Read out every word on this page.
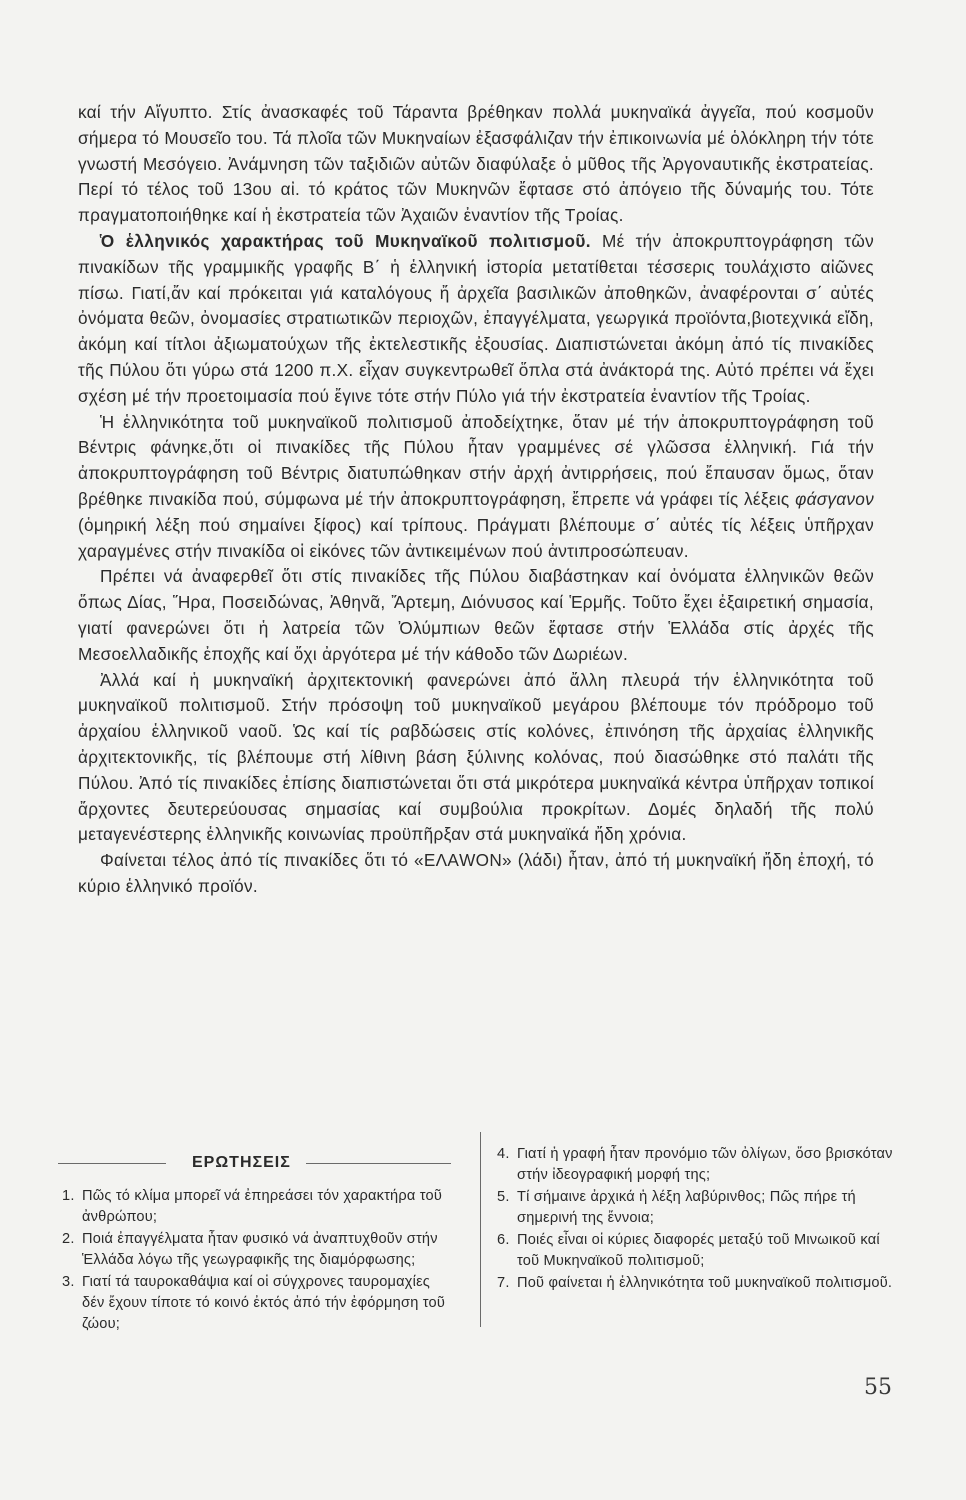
καί τήν Αἴγυπτο. Στίς ἀνασκαφές τοῦ Τάραντα βρέθηκαν πολλά μυκηναϊκά ἀγγεῖα, πού κοσμοῦν σήμερα τό Μουσεῖο του. Τά πλοῖα τῶν Μυκηναίων ἐξασφάλιζαν τήν ἐπικοινωνία μέ ὁλόκληρη τήν τότε γνωστή Μεσόγειο. Ἀνάμνηση τῶν ταξιδιῶν αὐτῶν διαφύλαξε ὁ μῦθος τῆς Ἀργοναυτικῆς ἐκστρατείας. Περί τό τέλος τοῦ 13ου αἰ. τό κράτος τῶν Μυκηνῶν ἔφτασε στό ἀπόγειο τῆς δύναμής του. Τότε πραγματοποιήθηκε καί ἡ ἐκστρατεία τῶν Ἀχαιῶν ἐναντίον τῆς Τροίας.

Ὁ ἑλληνικός χαρακτήρας τοῦ Μυκηναϊκοῦ πολιτισμοῦ. Μέ τήν ἀποκρυπτογράφηση τῶν πινακίδων τῆς γραμμικῆς γραφῆς Β΄ ἡ ἑλληνική ἱστορία μετατίθεται τέσσερις τουλάχιστο αἰῶνες πίσω. Γιατί,ἄν καί πρόκειται γιά καταλόγους ἤ ἀρχεῖα βασιλικῶν ἀποθηκῶν, ἀναφέρονται σ΄ αὐτές ὀνόματα θεῶν, ὀνομασίες στρατιωτικῶν περιοχῶν, ἐπαγγέλματα, γεωργικά προϊόντα,βιοτεχνικά εἴδη, ἀκόμη καί τίτλοι ἀξιωματούχων τῆς ἐκτελεστικῆς ἐξουσίας. Διαπιστώνεται ἀκόμη ἀπό τίς πινακίδες τῆς Πύλου ὅτι γύρω στά 1200 π.Χ. εἶχαν συγκεντρωθεῖ ὅπλα στά ἀνάκτορά της. Αὐτό πρέπει νά ἔχει σχέση μέ τήν προετοιμασία πού ἔγινε τότε στήν Πύλο γιά τήν ἐκστρατεία ἐναντίον τῆς Τροίας.

Ἡ ἑλληνικότητα τοῦ μυκηναϊκοῦ πολιτισμοῦ ἀποδείχτηκε, ὅταν μέ τήν ἀποκρυπτογράφηση τοῦ Βέντρις φάνηκε,ὅτι οἱ πινακίδες τῆς Πύλου ἦταν γραμμένες σέ γλῶσσα ἑλληνική. Γιά τήν ἀποκρυπτογράφηση τοῦ Βέντρις διατυπώθηκαν στήν ἀρχή ἀντιρρήσεις, πού ἔπαυσαν ὅμως, ὅταν βρέθηκε πινακίδα πού, σύμφωνα μέ τήν ἀποκρυπτογράφηση, ἔπρεπε νά γράφει τίς λέξεις φάσγανον (ὁμηρική λέξη πού σημαίνει ξίφος) καί τρίπους. Πράγματι βλέπουμε σ΄ αὐτές τίς λέξεις ὑπῆρχαν χαραγμένες στήν πινακίδα οἱ εἰκόνες τῶν ἀντικειμένων πού ἀντιπροσώπευαν.

Πρέπει νά ἀναφερθεῖ ὅτι στίς πινακίδες τῆς Πύλου διαβάστηκαν καί ὀνόματα ἑλληνικῶν θεῶν ὅπως Δίας, Ἥρα, Ποσειδώνας, Ἀθηνᾶ, Ἄρτεμη, Διόνυσος καί Ἑρμῆς. Τοῦτο ἔχει ἐξαιρετική σημασία, γιατί φανερώνει ὅτι ἡ λατρεία τῶν Ὀλύμπιων θεῶν ἔφτασε στήν Ἑλλάδα στίς ἀρχές τῆς Μεσοελλαδικῆς ἐποχῆς καί ὄχι ἀργότερα μέ τήν κάθοδο τῶν Δωριέων.

Ἀλλά καί ἡ μυκηναϊκή ἀρχιτεκτονική φανερώνει ἀπό ἄλλη πλευρά τήν ἑλληνικότητα τοῦ μυκηναϊκοῦ πολιτισμοῦ. Στήν πρόσοψη τοῦ μυκηναϊκοῦ μεγάρου βλέπουμε τόν πρόδρομο τοῦ ἀρχαίου ἑλληνικοῦ ναοῦ. Ὡς καί τίς ραβδώσεις στίς κολόνες, ἐπινόηση τῆς ἀρχαίας ἑλληνικῆς ἀρχιτεκτονικῆς, τίς βλέπουμε στή λίθινη βάση ξύλινης κολόνας, πού διασώθηκε στό παλάτι τῆς Πύλου. Ἀπό τίς πινακίδες ἐπίσης διαπιστώνεται ὅτι στά μικρότερα μυκηναϊκά κέντρα ὑπῆρχαν τοπικοί ἄρχοντες δευτερεύουσας σημασίας καί συμβούλια προκρίτων. Δομές δηλαδή τῆς πολύ μεταγενέστερης ἑλληνικῆς κοινωνίας προϋπῆρξαν στά μυκηναϊκά ἤδη χρόνια.

Φαίνεται τέλος ἀπό τίς πινακίδες ὅτι τό «ΕΛΑWON» (λάδι) ἦταν, ἀπό τή μυκηναϊκή ἤδη ἐποχή, τό κύριο ἑλληνικό προϊόν.

ΕΡΩΤΗΣΕΙΣ
1. Πῶς τό κλίμα μπορεῖ νά ἐπηρεάσει τόν χαρακτήρα τοῦ ἀνθρώπου;
2. Ποιά ἐπαγγέλματα ἦταν φυσικό νά ἀναπτυχθοῦν στήν Ἑλλάδα λόγω τῆς γεωγραφικῆς της διαμόρφωσης;
3. Γιατί τά ταυροκαθάψια καί οἱ σύγχρονες ταυρομαχίες δέν ἔχουν τίποτε τό κοινό ἐκτός ἀπό τήν ἐφόρμηση τοῦ ζώου;
4. Γιατί ἡ γραφή ἦταν προνόμιο τῶν ὀλίγων, ὅσο βρισκόταν στήν ἰδεογραφική μορφή της;
5. Τί σήμαινε ἀρχικά ἡ λέξη λαβύρινθος; Πῶς πήρε τή σημερινή της ἔννοια;
6. Ποιές εἶναι οἱ κύριες διαφορές μεταξύ τοῦ Μινωικοῦ καί τοῦ Μυκηναϊκοῦ πολιτισμοῦ;
7. Ποῦ φαίνεται ἡ ἑλληνικότητα τοῦ μυκηναϊκοῦ πολιτισμοῦ.
55
